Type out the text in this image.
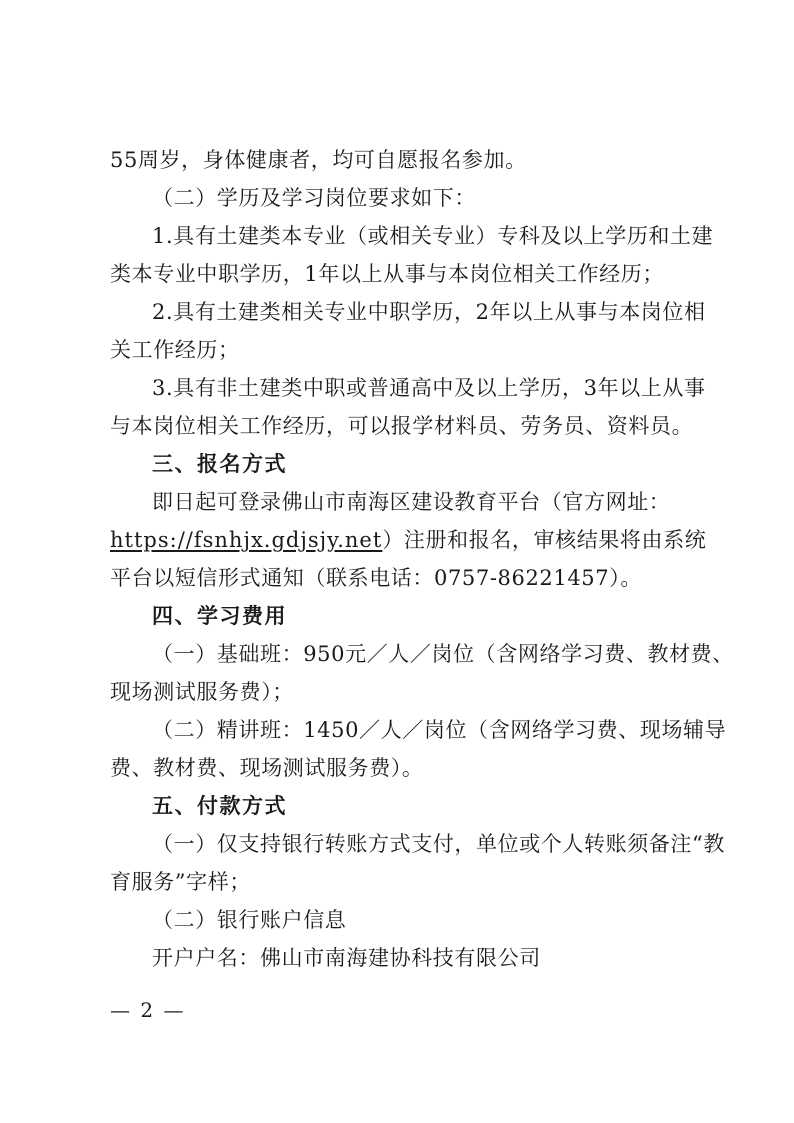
55周岁，身体健康者，均可自愿报名参加。
（二）学历及学习岗位要求如下：
1.具有土建类本专业（或相关专业）专科及以上学历和土建
类本专业中职学历，1年以上从事与本岗位相关工作经历；
2.具有土建类相关专业中职学历，2年以上从事与本岗位相
关工作经历；
3.具有非土建类中职或普通高中及以上学历，3年以上从事
与本岗位相关工作经历，可以报学材料员、劳务员、资料员。
三、报名方式
即日起可登录佛山市南海区建设教育平台（官方网址：
https://fsnhjx.gdjsjy.net）注册和报名，审核结果将由系统
平台以短信形式通知（联系电话：0757-86221457）。
四、学习费用
（一）基础班：950元／人／岗位（含网络学习费、教材费、
现场测试服务费）；
（二）精讲班：1450／人／岗位（含网络学习费、现场辅导
费、教材费、现场测试服务费）。
五、付款方式
（一）仅支持银行转账方式支付，单位或个人转账须备注“教
育服务”字样；
（二）银行账户信息
开户户名：佛山市南海建协科技有限公司
— 2 —
